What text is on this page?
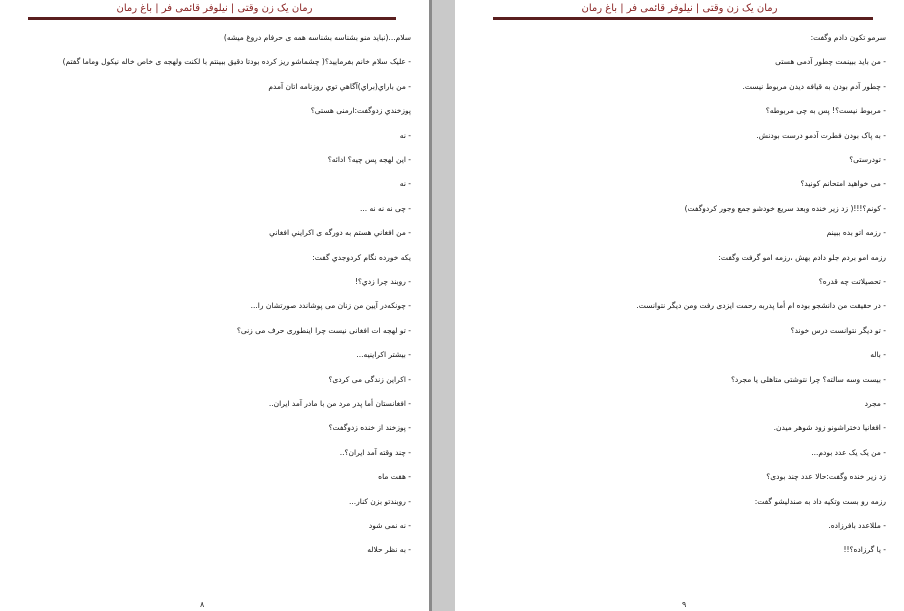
رمان یک زن وقتی | نیلوفر قائمی فر | باغ رمان
سلام...(نباید منو بشناسه بشناسه همه ی حرفام دروغ میشه)
- علیک سلام خانم بفرمایید؟( چشماشو ریز کرده بودتا دقیق ببینتم با لکنت ولهجه ی خاص خاله نیکول وماما گفتم)
- من باراي(براي)آگاهي توي روزنامه اتان آمدم
پوزخندي زدوگفت:ارمنی هستی؟
- نه
- این لهجه پس چیه؟ ادائه؟
- نه
- چی نه نه نه ...
- من افغاني هستم به دورگه ی اکرایني افغاني
یکه خورده نگام کردوجدي گفت:
- روبند چرا زدي؟!
- چونکه‌در آیین من زنان می پوشاندد صورتشان را...
- تو لهجه ات افغانی نیست چرا اینطوری حرف می زنی؟
- بیشتر اکراینیه...
- اکراین زندگی می کردی؟
- افغانستان أما پدر مرد من با مادر آمد ایران..
- پوزخند از خنده زدوگفت؟
- چند وقته آمد ایران؟..
- هفت ماه
- روبندتو بزن کنار...
- نه نمی شود
- به نظر حلاله
۸
رمان یک زن وقتی | نیلوفر قائمی فر | باغ رمان
سرمو تکون دادم وگفت:
- من باید ببینمت چطور آدمی هستی
- چطور آدم بودن به قیافه دیدن مربوط نیست.
- مربوط نیست؟! پس به چی مربوطه؟
- به پاک بودن فطرت آدمو درست بودنش.
- تودرستی؟
- می خواهید امتحانم کونید؟
- کونم؟!!!( زد زیر خنده وبعد سریع خودشو جمع وجور کردوگفت)
- رزمه اتو بده ببینم
رزمه امو بردم جلو دادم بهش ،رزمه امو گرفت وگفت:
- تحصیلاتت چه قدره؟
- در حقیقت من دانشجو بوده ام أما پدربه رحمت ایزدی رفت ومن دیگر نتوانست.
- تو دیگر نتوانست درس خوند؟
- باله
- بیست وسه سالته؟ چرا نتوشتی متاهلی یا مجرد؟
- مجرد
- افغانیا دختراشونو زود شوهر میدن.
- من یک یک عدد بودم...
زد زیر خنده وگفت:حالا عدد چند بودی؟
رزمه رو بست وتکیه داد به صندلیشو گفت:
- مللاعدد بافرزاده.
- یا گرزاده؟!!
۹
